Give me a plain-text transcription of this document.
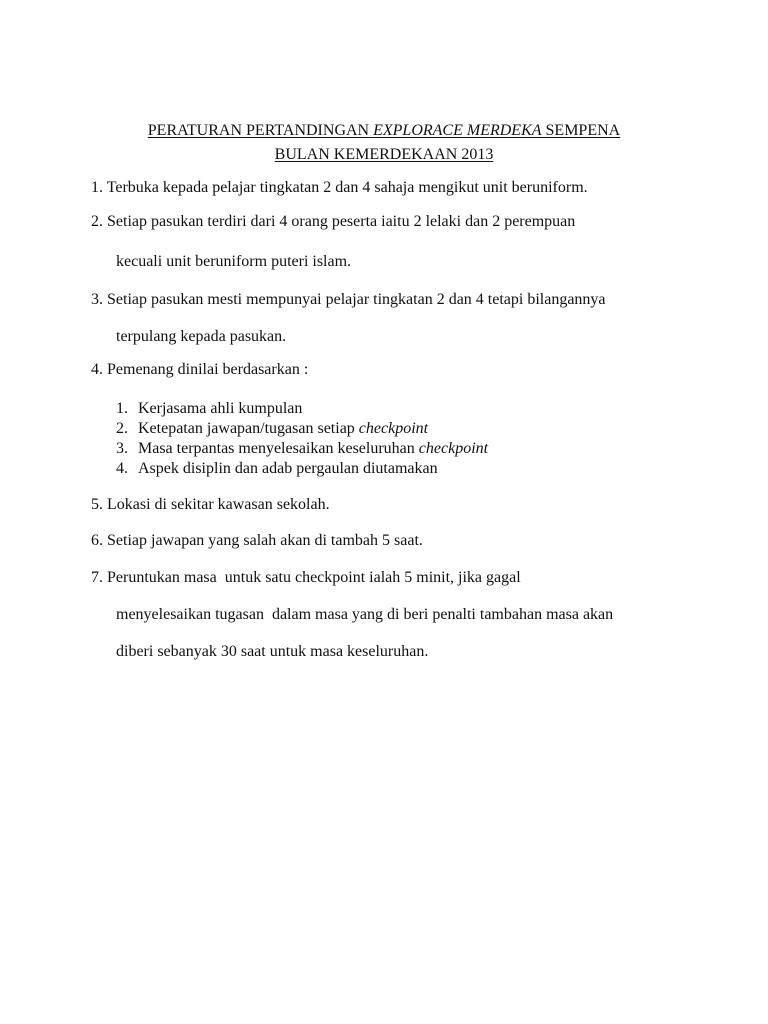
PERATURAN PERTANDINGAN EXPLORACE MERDEKA SEMPENA
BULAN KEMERDEKAAN 2013
1. Terbuka kepada pelajar tingkatan 2 dan 4 sahaja mengikut unit beruniform.
2. Setiap pasukan terdiri dari 4 orang peserta iaitu 2 lelaki dan 2 perempuan
kecuali unit beruniform puteri islam.
3. Setiap pasukan mesti mempunyai pelajar tingkatan 2 dan 4 tetapi bilangannya
terpulang kepada pasukan.
4. Pemenang dinilai berdasarkan :
1. Kerjasama ahli kumpulan
2. Ketepatan jawapan/tugasan setiap checkpoint
3. Masa terpantas menyelesaikan keseluruhan checkpoint
4. Aspek disiplin dan adab pergaulan diutamakan
5. Lokasi di sekitar kawasan sekolah.
6. Setiap jawapan yang salah akan di tambah 5 saat.
7. Peruntukan masa  untuk satu checkpoint ialah 5 minit, jika gagal
menyelesaikan tugasan  dalam masa yang di beri penalti tambahan masa akan
diberi sebanyak 30 saat untuk masa keseluruhan.
